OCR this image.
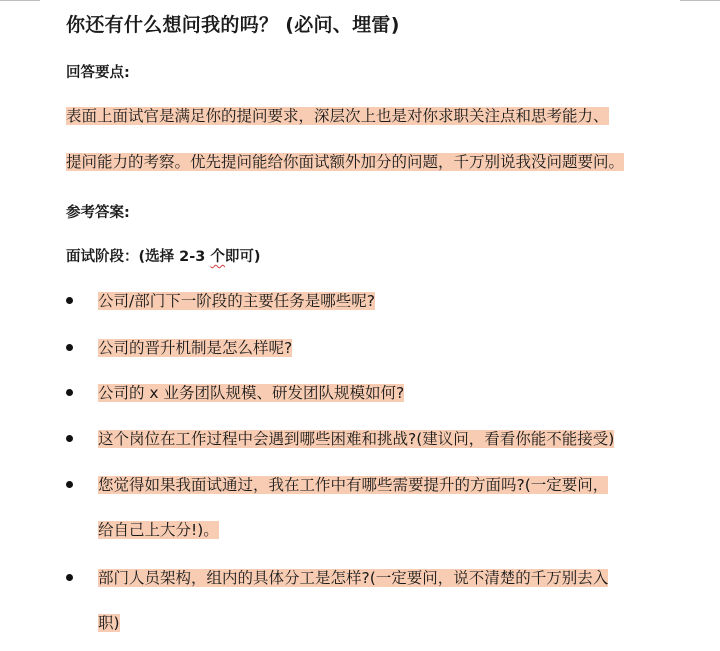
你还有什么想问我的吗？ (必问、埋雷)
回答要点:
表面上面试官是满足你的提问要求，深层次上也是对你求职关注点和思考能力、
提问能力的考察。优先提问能给你面试额外加分的问题，千万别说我没问题要问。
参考答案:
面试阶段：(选择 2-3 个即可)
公司/部门下一阶段的主要任务是哪些呢?
公司的晋升机制是怎么样呢?
公司的 x 业务团队规模、研发团队规模如何?
这个岗位在工作过程中会遇到哪些困难和挑战?(建议问，看看你能不能接受)
您觉得如果我面试通过，我在工作中有哪些需要提升的方面吗?(一定要问，
给自己上大分!)。
部门人员架构，组内的具体分工是怎样?(一定要问，说不清楚的千万别去入
职)
